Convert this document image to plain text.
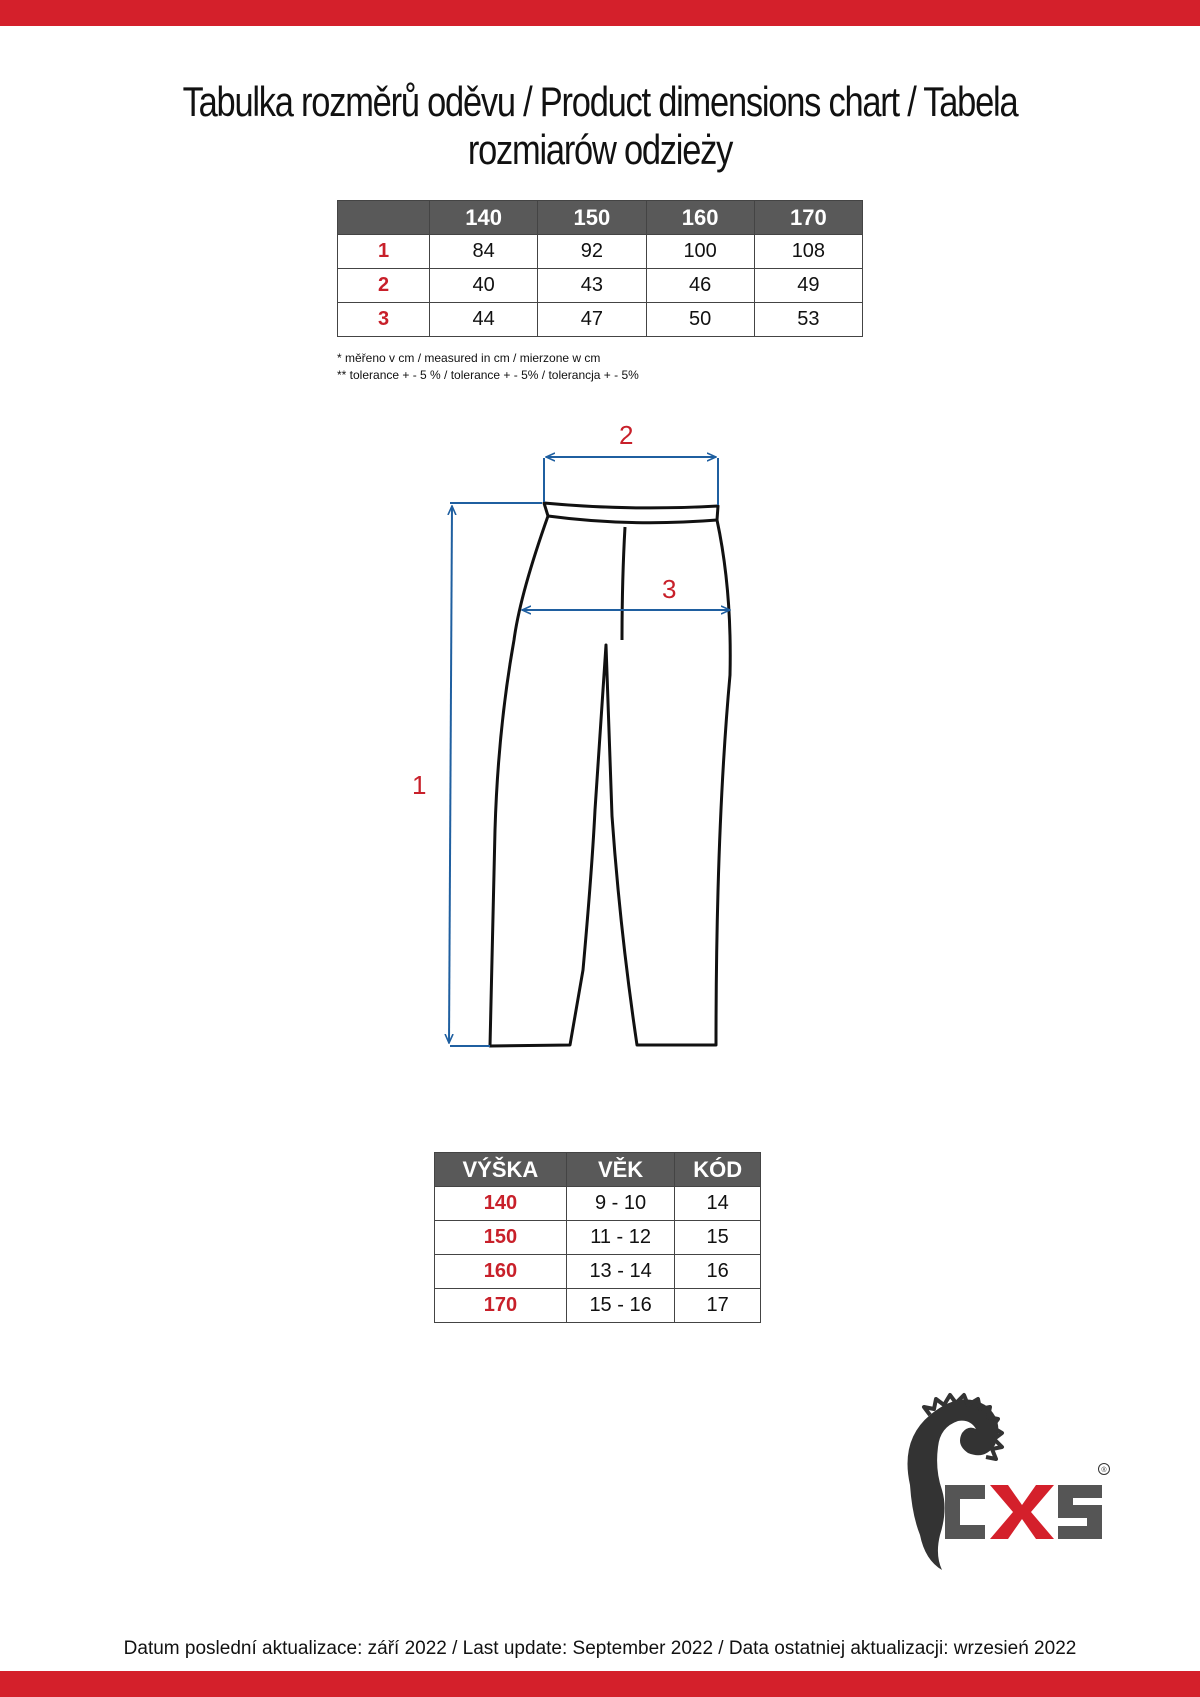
Tabulka rozměrů oděvu / Product dimensions chart / Tabela rozmiarów odzieży
	140	150	160	170
1	84	92	100	108
2	40	43	46	49
3	44	47	50	53
* měřeno v cm / measured in cm / mierzone w cm
** tolerance + - 5 % / tolerance + - 5% / tolerancja + - 5%
2
3
1
VÝŠKA	VĚK	KÓD
140	9 - 10	14
150	11 - 12	15
160	13 - 14	16
170	15 - 16	17
®
Datum poslední aktualizace: září 2022 / Last update: September 2022 / Data ostatniej aktualizacji: wrzesień 2022
